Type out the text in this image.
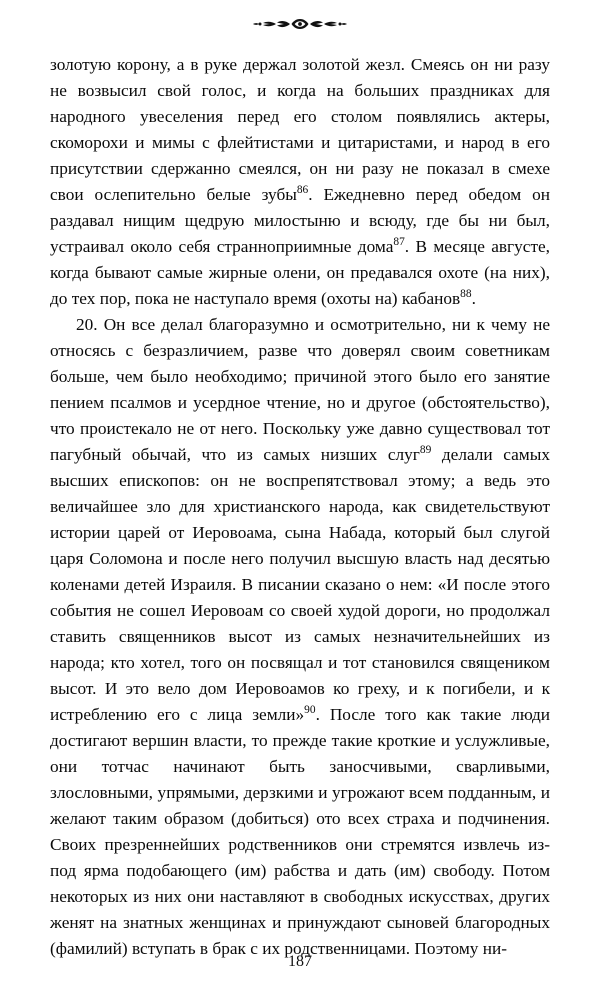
золотую корону, а в руке держал золотой жезл. Смеясь он ни разу не возвысил свой голос, и когда на больших праздниках для народного увеселения перед его столом появлялись актеры, скоморохи и мимы с флейтистами и цитаристами, и народ в его присутствии сдержанно смеялся, он ни разу не показал в смехе свои ослепительно белые зубы$^{86}$. Ежедневно перед обедом он раздавал нищим щедрую милостыню и всюду, где бы ни был, устраивал около себя странноприимные дома$^{87}$. В месяце августе, когда бывают самые жирные олени, он предавался охоте (на них), до тех пор, пока не наступало время (охоты на) кабанов$^{88}$.

20. Он все делал благоразумно и осмотрительно, ни к чему не относясь с безразличием, разве что доверял своим советникам больше, чем было необходимо; причиной этого было его занятие пением псалмов и усердное чтение, но и другое (обстоятельство), что проистекало не от него. Поскольку уже давно существовал тот пагубный обычай, что из самых низших слуг$^{89}$ делали самых высших епископов: он не воспрепятствовал этому; а ведь это величайшее зло для христианского народа, как свидетельствуют истории царей от Иеровоама, сына Набада, который был слугой царя Соломона и после него получил высшую власть над десятью коленами детей Израиля. В писании сказано о нем: «И после этого события не сошел Иеровоам со своей худой дороги, но продолжал ставить священников высот из самых незначительнейших из народа; кто хотел, того он посвящал и тот становился священиком высот. И это вело дом Иеровоамов ко греху, и к погибели, и к истреблению его с лица земли»$^{90}$. После того как такие люди достигают вершин власти, то прежде такие кроткие и услужливые, они тотчас начинают быть заносчивыми, сварливыми, злословными, упрямыми, дерзкими и угрожают всем подданным, и желают таким образом (добиться) ото всех страха и подчинения. Своих презреннейших родственников они стремятся извлечь из-под ярма подобающего (им) рабства и дать (им) свободу. Потом некоторых из них они наставляют в свободных искусствах, других женят на знатных женщинах и принуждают сыновей благородных (фамилий) вступать в брак с их родственницами. Поэтому ни-

187
